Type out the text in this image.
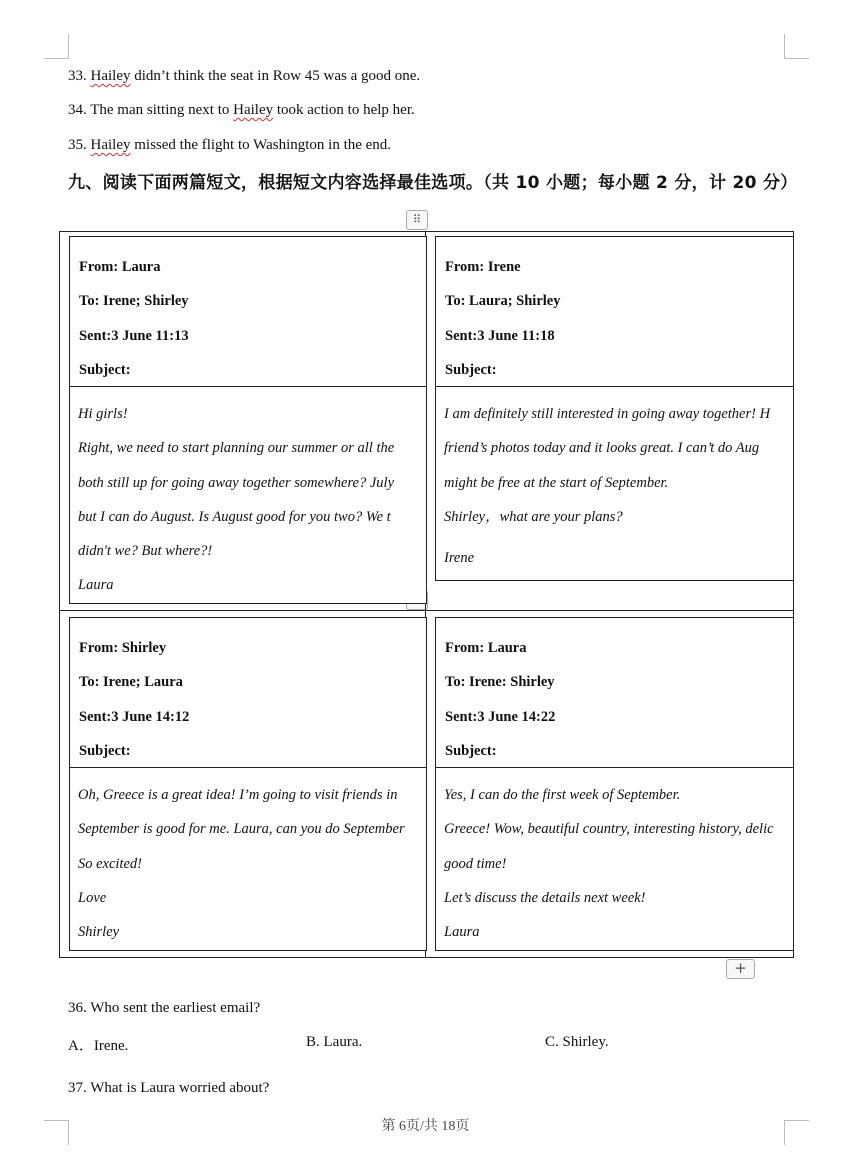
33. Hailey didn’t think the seat in Row 45 was a good one.
34. The man sitting next to Hailey took action to help her.
35. Hailey missed the flight to Washington in the end.
九、阅读下面两篇短文，根据短文内容选择最佳选项。（共 10 小题；每小题 2 分，计 20 分）
⠿
From: Laura
To: Irene; Shirley
Sent:3 June 11:13
Subject:
Hi girls!
Right, we need to start planning our summer or all the
both still up for going away together somewhere? July
but I can do August. Is August good for you two? We t
didn't we? But where?!
Laura
From: Irene
To: Laura; Shirley
Sent:3 June 11:18
Subject:
I am definitely still interested in going away together! H
friend’s photos today and it looks great. I can’t do Aug
might be free at the start of September.
Shirley，what are your plans?
Irene
From: Shirley
To: Irene; Laura
Sent:3 June 14:12
Subject:
Oh, Greece is a great idea! I’m going to visit friends in
September is good for me. Laura, can you do September
So excited!
Love
Shirley
From: Laura
To: Irene: Shirley
Sent:3 June 14:22
Subject:
Yes, I can do the first week of September.
Greece! Wow, beautiful country, interesting history, delic
good time!
Let’s discuss the details next week!
Laura
+
36. Who sent the earliest email?
A．Irene.	B. Laura.	C. Shirley.
37. What is Laura worried about?
第 6页/共 18页
